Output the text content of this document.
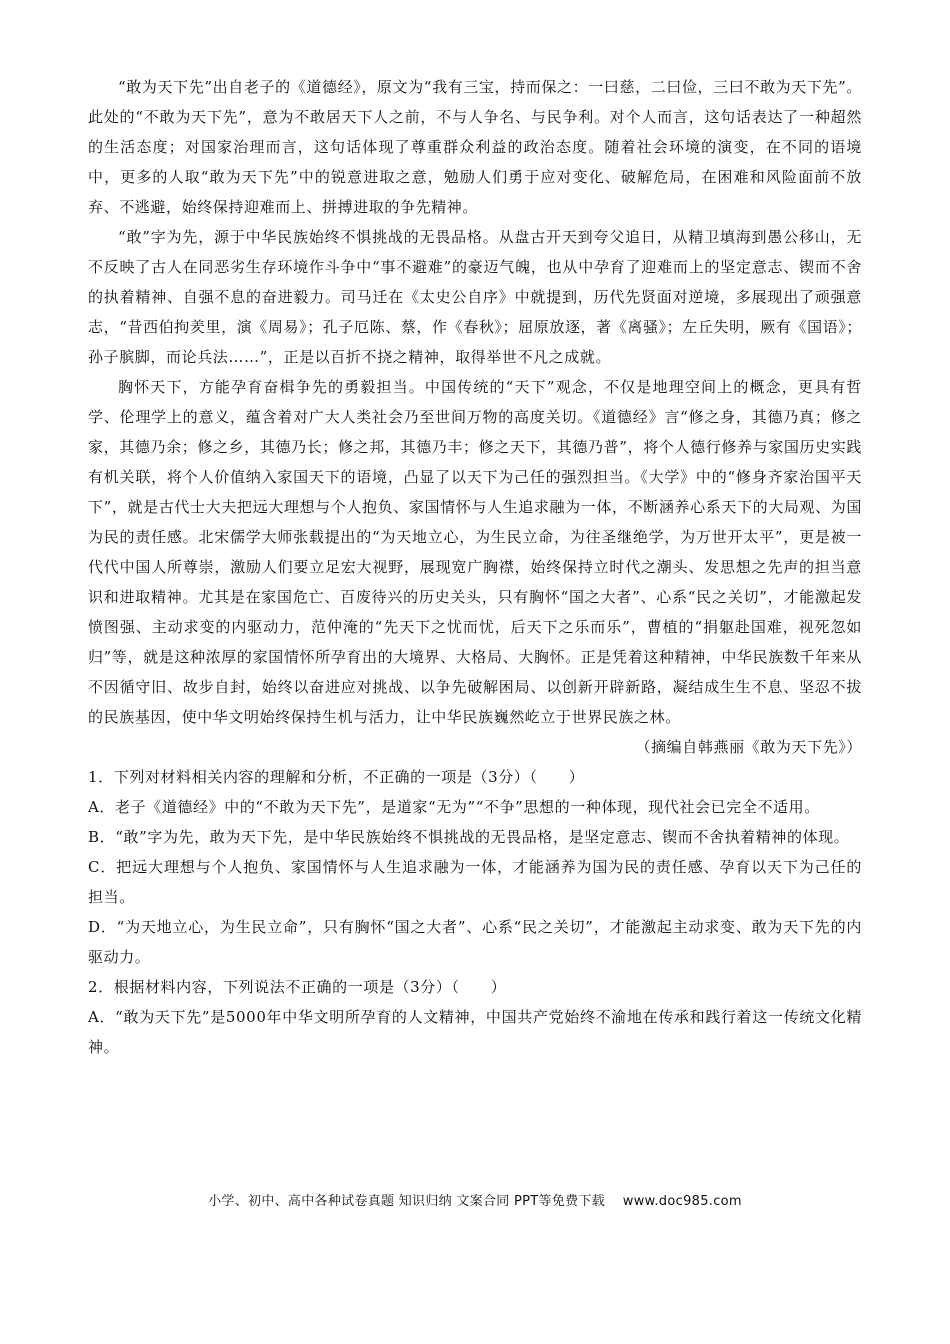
“敢为天下先”出自老子的《道德经》，原文为“我有三宝，持而保之：一曰慈，二曰俭，三曰不敢为天下先”。此处的“不敢为天下先”，意为不敢居天下人之前，不与人争名、与民争利。对个人而言，这句话表达了一种超然的生活态度；对国家治理而言，这句话体现了尊重群众利益的政治态度。随着社会环境的演变，在不同的语境中，更多的人取“敢为天下先”中的锐意进取之意，勉励人们勇于应对变化、破解危局，在困难和风险面前不放弃、不逃避，始终保持迎难而上、拼搏进取的争先精神。

“敢”字为先，源于中华民族始终不惧挑战的无畏品格。从盘古开天到夸父追日，从精卫填海到愚公移山，无不反映了古人在同恶劣生存环境作斗争中“事不避难”的豪迈气魄，也从中孕育了迎难而上的坚定意志、锲而不舍的执着精神、自强不息的奋进毅力。司马迁在《太史公自序》中就提到，历代先贤面对逆境，多展现出了顽强意志，“昔西伯拘羑里，演《周易》；孔子厄陈、蔡，作《春秋》；屈原放逐，著《离骚》；左丘失明，厥有《国语》；孙子膑脚，而论兵法……”，正是以百折不挠之精神，取得举世不凡之成就。

胸怀天下，方能孕育奋楫争先的勇毅担当。中国传统的“天下”观念，不仅是地理空间上的概念，更具有哲学、伦理学上的意义，蕴含着对广大人类社会乃至世间万物的高度关切。《道德经》言“修之身，其德乃真；修之家，其德乃余；修之乡，其德乃长；修之邦，其德乃丰；修之天下，其德乃普”，将个人德行修养与家国历史实践有机关联，将个人价值纳入家国天下的语境，凸显了以天下为己任的强烈担当。《大学》中的“修身齐家治国平天下”，就是古代士大夫把远大理想与个人抱负、家国情怀与人生追求融为一体，不断涵养心系天下的大局观、为国为民的责任感。北宋儒学大师张载提出的“为天地立心，为生民立命，为往圣继绝学，为万世开太平”，更是被一代代中国人所尊崇，激励人们要立足宏大视野，展现宽广胸襟，始终保持立时代之潮头、发思想之先声的担当意识和进取精神。尤其是在家国危亡、百废待兴的历史关头，只有胸怀“国之大者”、心系“民之关切”，才能激起发愤图强、主动求变的内驱动力，范仲淹的“先天下之忧而忧，后天下之乐而乐”，曹植的“捐躯赴国难，视死忽如归”等，就是这种浓厚的家国情怀所孕育出的大境界、大格局、大胸怀。正是凭着这种精神，中华民族数千年来从不因循守旧、故步自封，始终以奋进应对挑战、以争先破解困局、以创新开辟新路，凝结成生生不息、坚忍不拔的民族基因，使中华文明始终保持生机与活力，让中华民族巍然屹立于世界民族之林。

（摘编自韩燕丽《敢为天下先》）

1．下列对材料相关内容的理解和分析，不正确的一项是（3分）（　　）

A．老子《道德经》中的“不敢为天下先”，是道家“无为”“不争”思想的一种体现，现代社会已完全不适用。

B．“敢”字为先，敢为天下先，是中华民族始终不惧挑战的无畏品格，是坚定意志、锲而不舍执着精神的体现。

C．把远大理想与个人抱负、家国情怀与人生追求融为一体，才能涵养为国为民的责任感、孕育以天下为己任的担当。

D．“为天地立心，为生民立命”，只有胸怀“国之大者”、心系“民之关切”，才能激起主动求变、敢为天下先的内驱动力。

2．根据材料内容，下列说法不正确的一项是（3分）（　　）

A．“敢为天下先”是5000年中华文明所孕育的人文精神，中国共产党始终不渝地在传承和践行着这一传统文化精神。

小学、初中、高中各种试卷真题 知识归纳 文案合同 PPT等免费下载　 www.doc985.com
